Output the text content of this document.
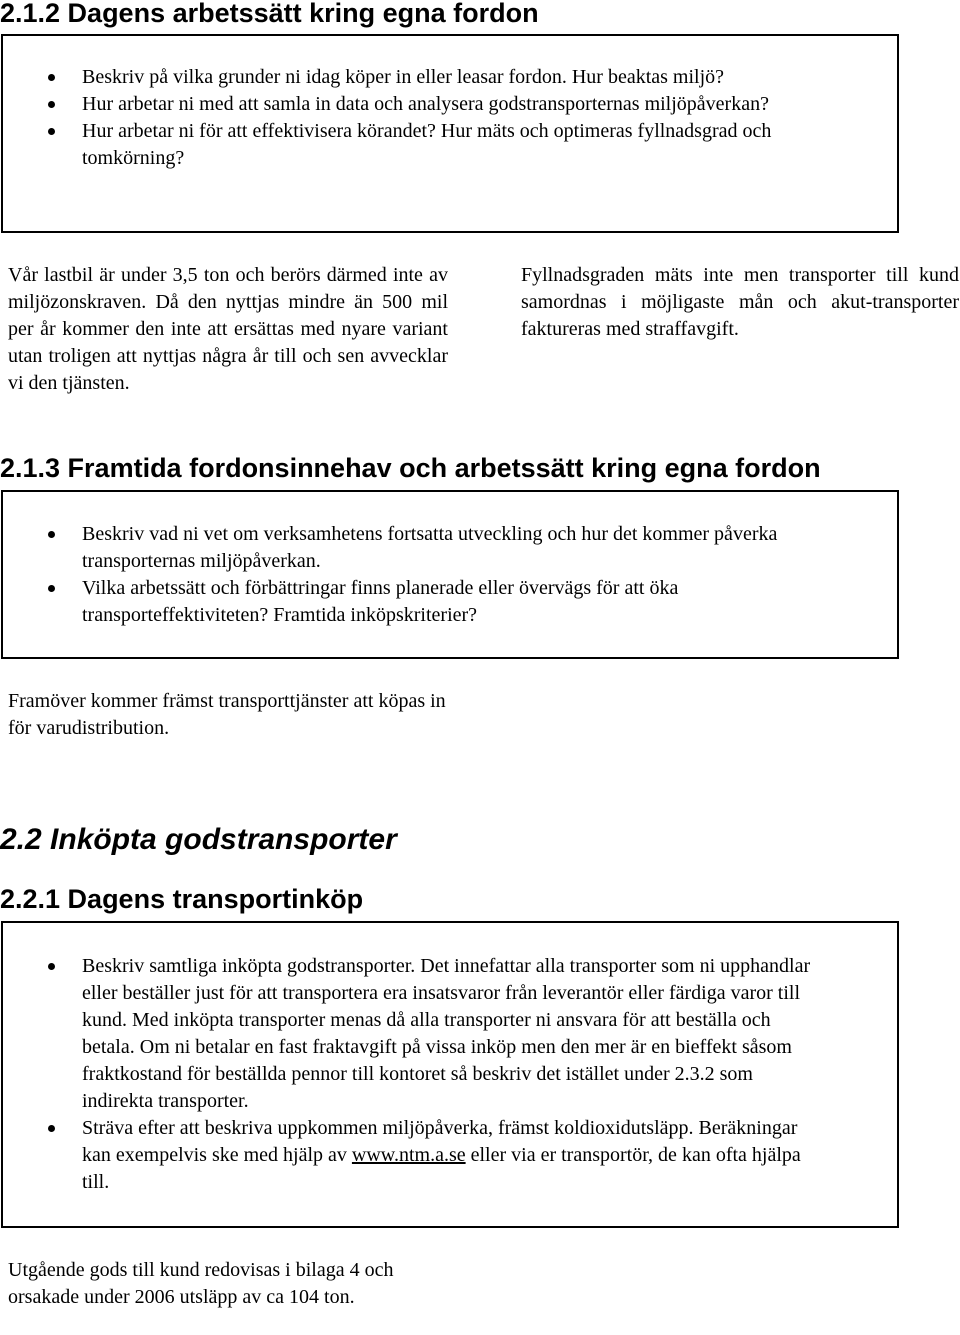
2.1.2 Dagens arbetssätt kring egna fordon
Beskriv på vilka grunder ni idag köper in eller leasar fordon. Hur beaktas miljö?
Hur arbetar ni med att samla in data och analysera godstransporternas miljöpåverkan?
Hur arbetar ni för att effektivisera körandet? Hur mäts och optimeras fyllnadsgrad och tomkörning?

Vår lastbil är under 3,5 ton och berörs därmed inte av miljözonskraven. Då den nyttjas mindre än 500 mil per år kommer den inte att ersättas med nyare variant utan troligen att nyttjas några år till och sen avvecklar vi den tjänsten.

Fyllnadsgraden mäts inte men transporter till kund samordnas i möjligaste mån och akut-transporter faktureras med straffavgift.

2.1.3 Framtida fordonsinnehav och arbetssätt kring egna fordon
Beskriv vad ni vet om verksamhetens fortsatta utveckling och hur det kommer påverka transporternas miljöpåverkan.
Vilka arbetssätt och förbättringar finns planerade eller övervägs för att öka transporteffektiviteten? Framtida inköpskriterier?

Framöver kommer främst transporttjänster att köpas in för varudistribution.

2.2 Inköpta godstransporter
2.2.1 Dagens transportinköp
Beskriv samtliga inköpta godstransporter. Det innefattar alla transporter som ni upphandlar eller beställer just för att transportera era insatsvaror från leverantör eller färdiga varor till kund. Med inköpta transporter menas då alla transporter ni ansvara för att beställa och betala. Om ni betalar en fast fraktavgift på vissa inköp men den mer är en bieffekt såsom fraktkostand för beställda pennor till kontoret så beskriv det istället under 2.3.2 som indirekta transporter.
Sträva efter att beskriva uppkommen miljöpåverka, främst koldioxidutsläpp. Beräkningar kan exempelvis ske med hjälp av www.ntm.a.se eller via er transportör, de kan ofta hjälpa till.

Utgående gods till kund redovisas i bilaga 4 och orsakade under 2006 utsläpp av ca 104 ton.
